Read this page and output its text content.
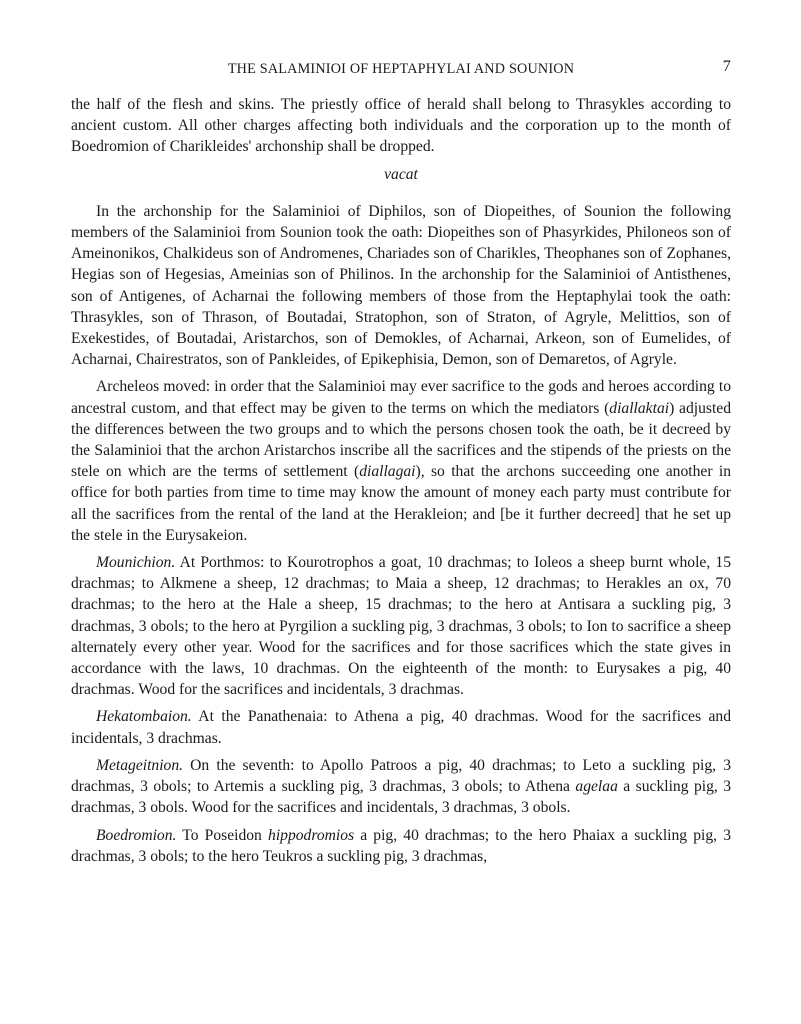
THE SALAMINIOI OF HEPTAPHYLAI AND SOUNION	7

the half of the flesh and skins. The priestly office of herald shall belong to Thrasykles according to ancient custom. All other charges affecting both individuals and the corporation up to the month of Boedromion of Charikleides' archonship shall be dropped.

vacat

In the archonship for the Salaminioi of Diphilos, son of Diopeithes, of Sounion the following members of the Salaminioi from Sounion took the oath: Diopeithes son of Phasyrkides, Philoneos son of Ameinonikos, Chalkideus son of Andromenes, Chariades son of Charikles, Theophanes son of Zophanes, Hegias son of Hegesias, Ameinias son of Philinos. In the archonship for the Salaminioi of Antisthenes, son of Antigenes, of Acharnai the following members of those from the Heptaphylai took the oath: Thrasykles, son of Thrason, of Boutadai, Stratophon, son of Straton, of Agryle, Melittios, son of Exekestides, of Boutadai, Aristarchos, son of Demokles, of Acharnai, Arkeon, son of Eumelides, of Acharnai, Chairestratos, son of Pankleides, of Epikephisia, Demon, son of Demaretos, of Agryle.

Archeleos moved: in order that the Salaminioi may ever sacrifice to the gods and heroes according to ancestral custom, and that effect may be given to the terms on which the mediators (diallaktai) adjusted the differences between the two groups and to which the persons chosen took the oath, be it decreed by the Salaminioi that the archon Aristarchos inscribe all the sacrifices and the stipends of the priests on the stele on which are the terms of settlement (diallagai), so that the archons succeeding one another in office for both parties from time to time may know the amount of money each party must contribute for all the sacrifices from the rental of the land at the Herakleion; and [be it further decreed] that he set up the stele in the Eurysakeion.

Mounichion. At Porthmos: to Kourotrophos a goat, 10 drachmas; to Ioleos a sheep burnt whole, 15 drachmas; to Alkmene a sheep, 12 drachmas; to Maia a sheep, 12 drachmas; to Herakles an ox, 70 drachmas; to the hero at the Hale a sheep, 15 drachmas; to the hero at Antisara a suckling pig, 3 drachmas, 3 obols; to the hero at Pyrgilion a suckling pig, 3 drachmas, 3 obols; to Ion to sacrifice a sheep alternately every other year. Wood for the sacrifices and for those sacrifices which the state gives in accordance with the laws, 10 drachmas. On the eighteenth of the month: to Eurysakes a pig, 40 drachmas. Wood for the sacrifices and incidentals, 3 drachmas.

Hekatombaion. At the Panathenaia: to Athena a pig, 40 drachmas. Wood for the sacrifices and incidentals, 3 drachmas.

Metageitnion. On the seventh: to Apollo Patroos a pig, 40 drachmas; to Leto a suckling pig, 3 drachmas, 3 obols; to Artemis a suckling pig, 3 drachmas, 3 obols; to Athena agelaa a suckling pig, 3 drachmas, 3 obols. Wood for the sacrifices and incidentals, 3 drachmas, 3 obols.

Boedromion. To Poseidon hippodromios a pig, 40 drachmas; to the hero Phaiax a suckling pig, 3 drachmas, 3 obols; to the hero Teukros a suckling pig, 3 drachmas,
